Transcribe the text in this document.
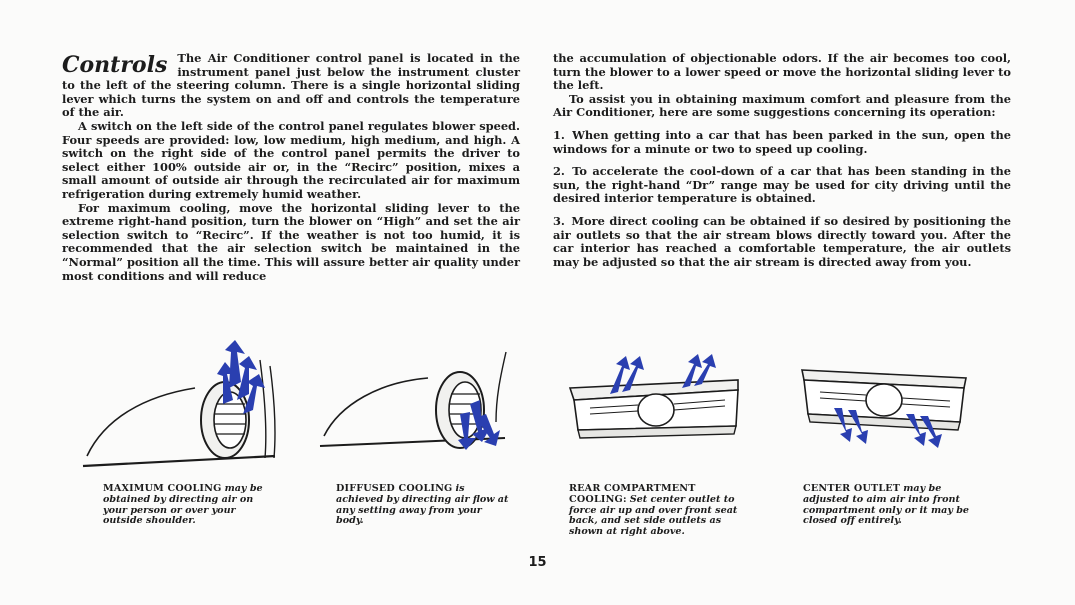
Controls The Air Conditioner control panel is located in the instrument panel just below the instrument cluster to the left of the steering column. There is a single horizontal sliding lever which turns the system on and off and controls the temperature of the air.

A switch on the left side of the control panel regulates blower speed. Four speeds are provided: low, low medium, high medium, and high. A switch on the right side of the control panel permits the driver to select either 100% outside air or, in the “Recirc” position, mixes a small amount of outside air through the recirculated air for maximum refrigeration during extremely humid weather.

For maximum cooling, move the horizontal sliding lever to the extreme right-hand position, turn the blower on “High” and set the air selection switch to “Recirc”. If the weather is not too humid, it is recommended that the air selection switch be maintained in the “Normal” position all the time. This will assure better air quality under most conditions and will reduce

the accumulation of objectionable odors. If the air becomes too cool, turn the blower to a lower speed or move the horizontal sliding lever to the left.

To assist you in obtaining maximum comfort and pleasure from the Air Conditioner, here are some suggestions concerning its operation:

1. When getting into a car that has been parked in the sun, open the windows for a minute or two to speed up cooling.

2. To accelerate the cool-down of a car that has been standing in the sun, the right-hand “Dr” range may be used for city driving until the desired interior temperature is obtained.

3. More direct cooling can be obtained if so desired by positioning the air outlets so that the air stream blows directly toward you. After the car interior has reached a comfortable temperature, the air outlets may be adjusted so that the air stream is directed away from you.

MAXIMUM COOLING may be obtained by directing air on your person or over your outside shoulder.
DIFFUSED COOLING is achieved by directing air flow at any setting away from your body.
REAR COMPARTMENT COOLING: Set center outlet to force air up and over front seat back, and set side outlets as shown at right above.
CENTER OUTLET may be adjusted to aim air into front compartment only or it may be closed off entirely.
15
